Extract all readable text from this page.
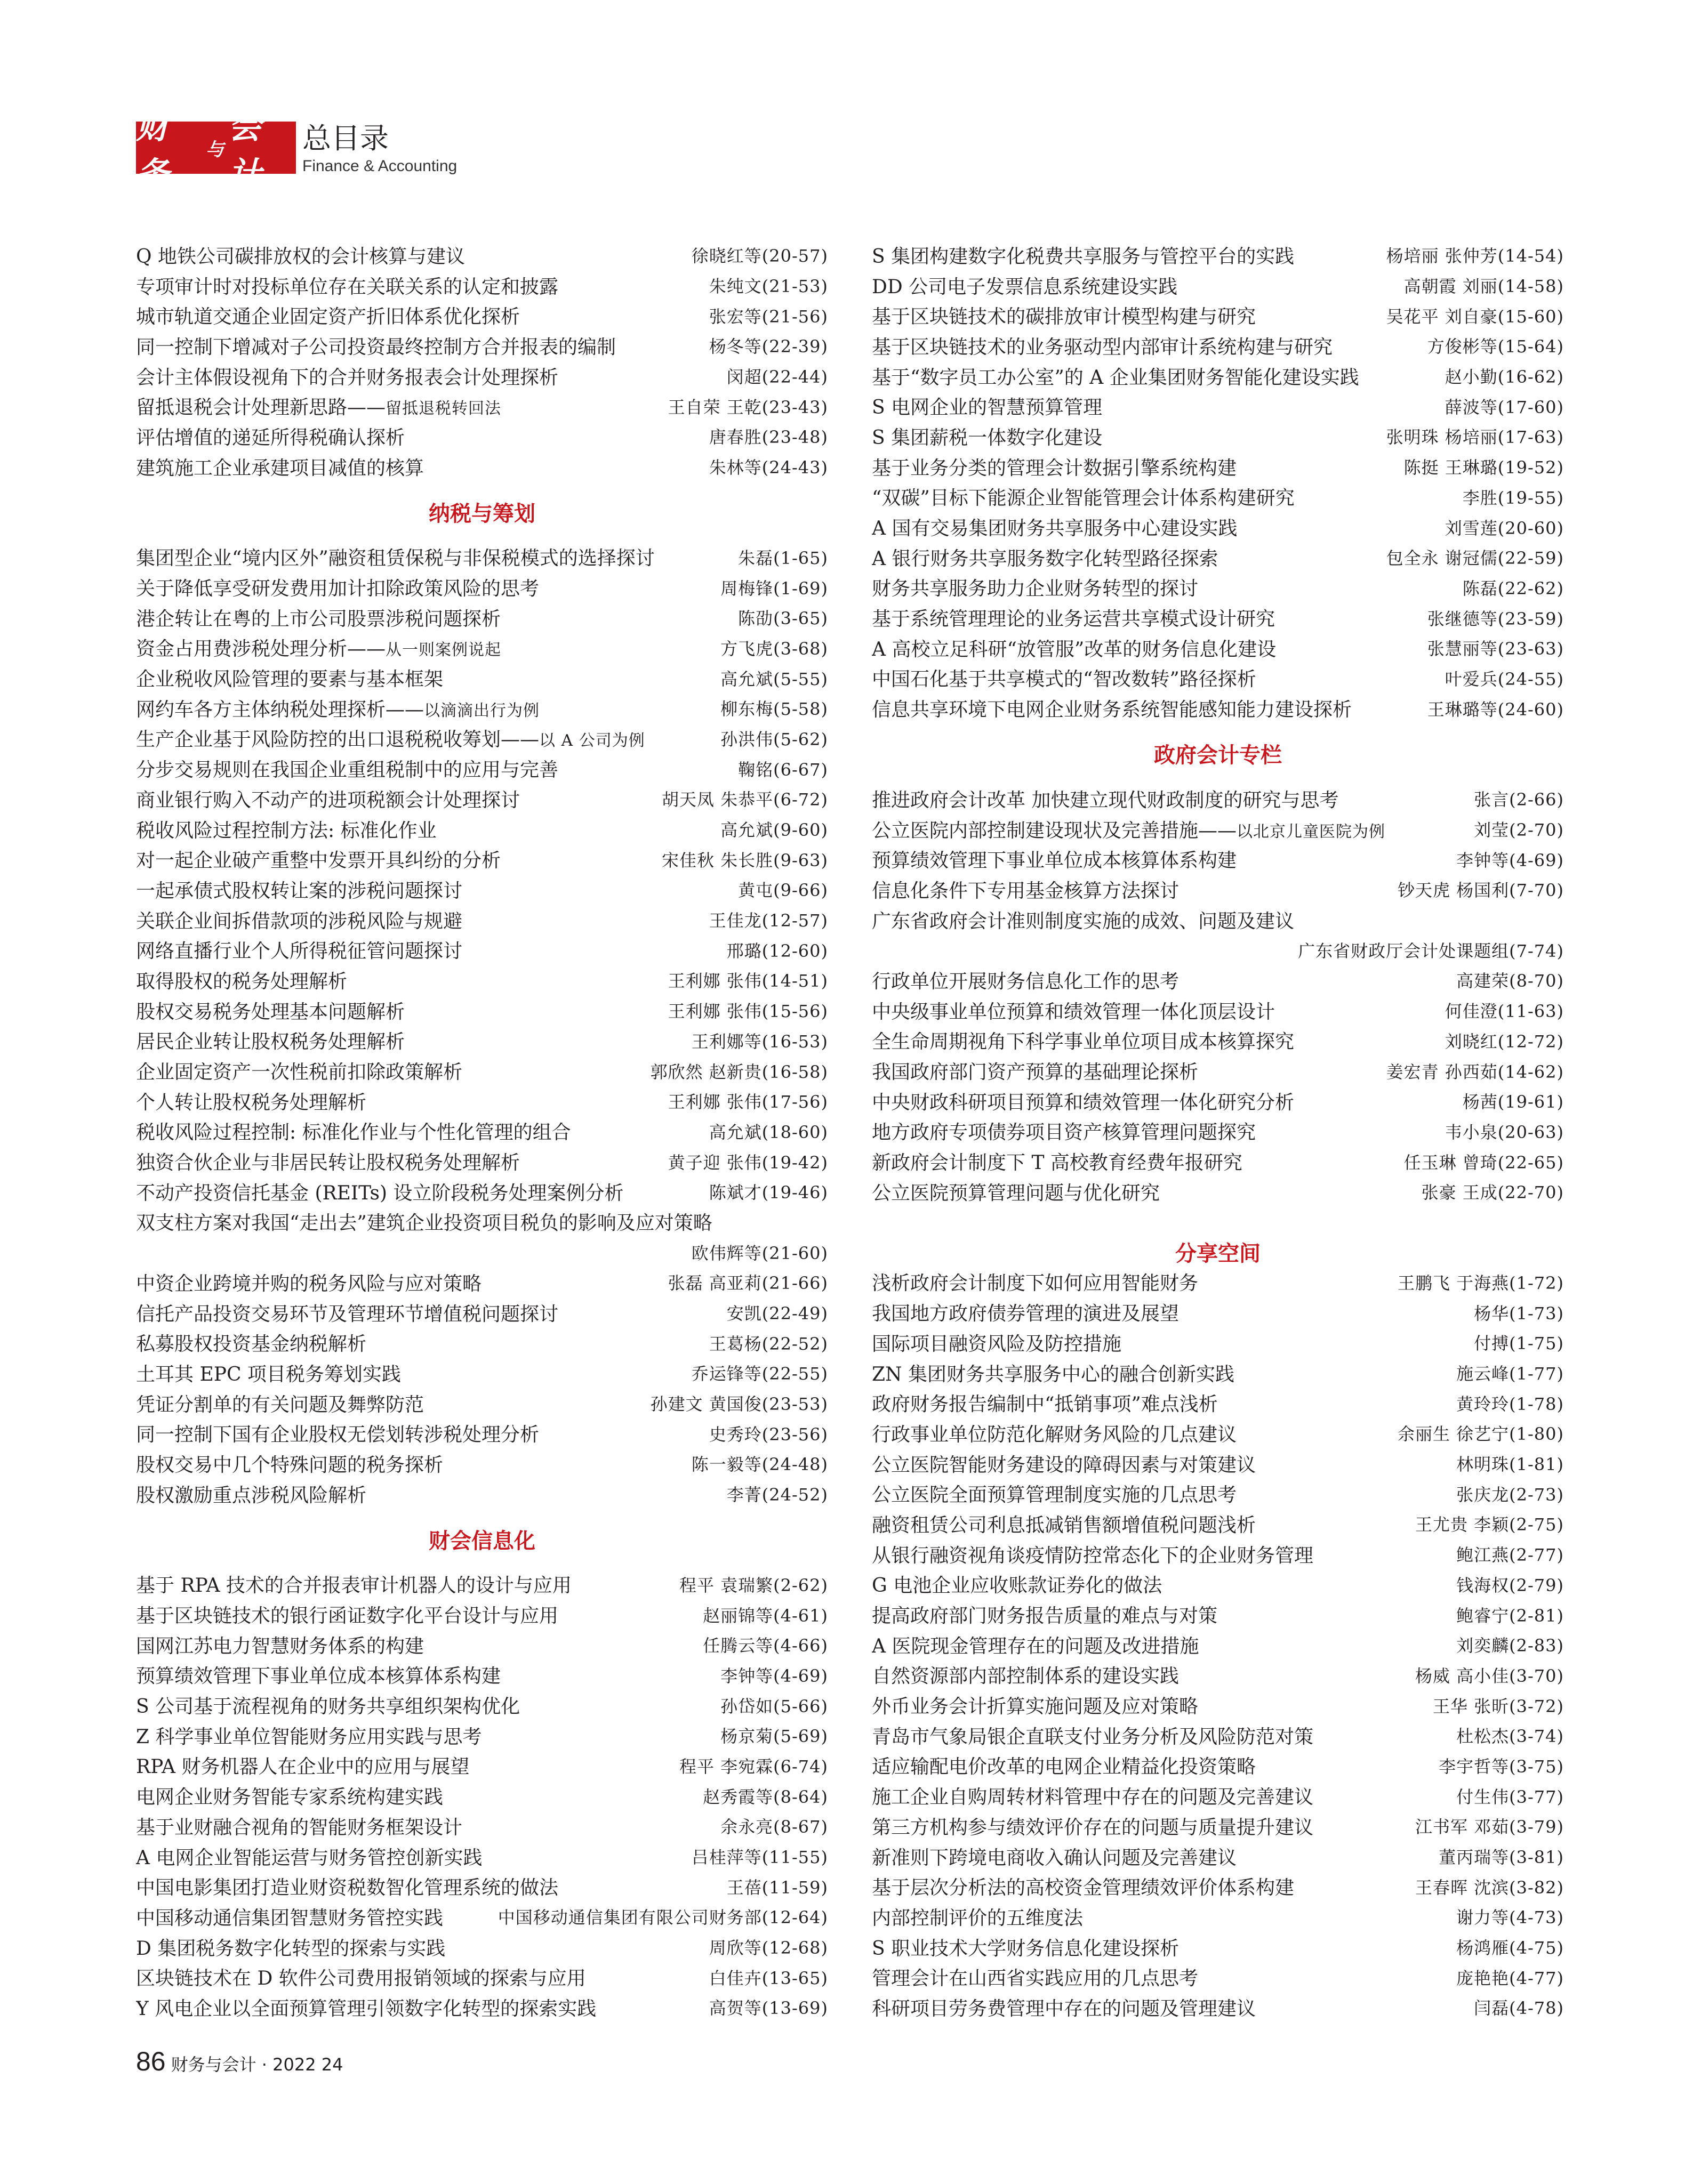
财务
与
会计
总目录
Finance & Accounting
Q 地铁公司碳排放权的会计核算与建议	徐晓红等(20-57)
专项审计时对投标单位存在关联关系的认定和披露	朱纯文(21-53)
城市轨道交通企业固定资产折旧体系优化探析	张宏等(21-56)
同一控制下增减对子公司投资最终控制方合并报表的编制	杨冬等(22-39)
会计主体假设视角下的合并财务报表会计处理探析	闵超(22-44)
留抵退税会计处理新思路——留抵退税转回法	王自荣 王乾(23-43)
评估增值的递延所得税确认探析	唐春胜(23-48)
建筑施工企业承建项目减值的核算	朱林等(24-43)
纳税与筹划
集团型企业“境内区外”融资租赁保税与非保税模式的选择探讨	朱磊(1-65)
关于降低享受研发费用加计扣除政策风险的思考	周梅锋(1-69)
港企转让在粤的上市公司股票涉税问题探析	陈劭(3-65)
资金占用费涉税处理分析——从一则案例说起	方飞虎(3-68)
企业税收风险管理的要素与基本框架	高允斌(5-55)
网约车各方主体纳税处理探析——以滴滴出行为例	柳东梅(5-58)
生产企业基于风险防控的出口退税税收筹划——以 A 公司为例	孙洪伟(5-62)
分步交易规则在我国企业重组税制中的应用与完善	鞠铭(6-67)
商业银行购入不动产的进项税额会计处理探讨	胡天凤 朱恭平(6-72)
税收风险过程控制方法: 标准化作业	高允斌(9-60)
对一起企业破产重整中发票开具纠纷的分析	宋佳秋 朱长胜(9-63)
一起承债式股权转让案的涉税问题探讨	黄屯(9-66)
关联企业间拆借款项的涉税风险与规避	王佳龙(12-57)
网络直播行业个人所得税征管问题探讨	邢璐(12-60)
取得股权的税务处理解析	王利娜 张伟(14-51)
股权交易税务处理基本问题解析	王利娜 张伟(15-56)
居民企业转让股权税务处理解析	王利娜等(16-53)
企业固定资产一次性税前扣除政策解析	郭欣然 赵新贵(16-58)
个人转让股权税务处理解析	王利娜 张伟(17-56)
税收风险过程控制: 标准化作业与个性化管理的组合	高允斌(18-60)
独资合伙企业与非居民转让股权税务处理解析	黄子迎 张伟(19-42)
不动产投资信托基金 (REITs) 设立阶段税务处理案例分析	陈斌才(19-46)
双支柱方案对我国“走出去”建筑企业投资项目税负的影响及应对策略
欧伟辉等(21-60)
中资企业跨境并购的税务风险与应对策略	张磊 高亚莉(21-66)
信托产品投资交易环节及管理环节增值税问题探讨	安凯(22-49)
私募股权投资基金纳税解析	王葛杨(22-52)
土耳其 EPC 项目税务筹划实践	乔运锋等(22-55)
凭证分割单的有关问题及舞弊防范	孙建文 黄国俊(23-53)
同一控制下国有企业股权无偿划转涉税处理分析	史秀玲(23-56)
股权交易中几个特殊问题的税务探析	陈一毅等(24-48)
股权激励重点涉税风险解析	李菁(24-52)
财会信息化
基于 RPA 技术的合并报表审计机器人的设计与应用	程平 袁瑞繁(2-62)
基于区块链技术的银行函证数字化平台设计与应用	赵丽锦等(4-61)
国网江苏电力智慧财务体系的构建	任腾云等(4-66)
预算绩效管理下事业单位成本核算体系构建	李钟等(4-69)
S 公司基于流程视角的财务共享组织架构优化	孙岱如(5-66)
Z 科学事业单位智能财务应用实践与思考	杨京菊(5-69)
RPA 财务机器人在企业中的应用与展望	程平 李宛霖(6-74)
电网企业财务智能专家系统构建实践	赵秀霞等(8-64)
基于业财融合视角的智能财务框架设计	余永亮(8-67)
A 电网企业智能运营与财务管控创新实践	吕桂萍等(11-55)
中国电影集团打造业财资税数智化管理系统的做法	王蓓(11-59)
中国移动通信集团智慧财务管控实践	中国移动通信集团有限公司财务部(12-64)
D 集团税务数字化转型的探索与实践	周欣等(12-68)
区块链技术在 D 软件公司费用报销领域的探索与应用	白佳卉(13-65)
Y 风电企业以全面预算管理引领数字化转型的探索实践	高贺等(13-69)
S 集团构建数字化税费共享服务与管控平台的实践	杨培丽 张仲芳(14-54)
DD 公司电子发票信息系统建设实践	高朝霞 刘丽(14-58)
基于区块链技术的碳排放审计模型构建与研究	吴花平 刘自豪(15-60)
基于区块链技术的业务驱动型内部审计系统构建与研究	方俊彬等(15-64)
基于“数字员工办公室”的 A 企业集团财务智能化建设实践	赵小勤(16-62)
S 电网企业的智慧预算管理	薛波等(17-60)
S 集团薪税一体数字化建设	张明珠 杨培丽(17-63)
基于业务分类的管理会计数据引擎系统构建	陈挺 王琳璐(19-52)
“双碳”目标下能源企业智能管理会计体系构建研究	李胜(19-55)
A 国有交易集团财务共享服务中心建设实践	刘雪莲(20-60)
A 银行财务共享服务数字化转型路径探索	包全永 谢冠儒(22-59)
财务共享服务助力企业财务转型的探讨	陈磊(22-62)
基于系统管理理论的业务运营共享模式设计研究	张继德等(23-59)
A 高校立足科研“放管服”改革的财务信息化建设	张慧丽等(23-63)
中国石化基于共享模式的“智改数转”路径探析	叶爱兵(24-55)
信息共享环境下电网企业财务系统智能感知能力建设探析	王琳璐等(24-60)
政府会计专栏
推进政府会计改革 加快建立现代财政制度的研究与思考	张言(2-66)
公立医院内部控制建设现状及完善措施——以北京儿童医院为例	刘莹(2-70)
预算绩效管理下事业单位成本核算体系构建	李钟等(4-69)
信息化条件下专用基金核算方法探讨	钞天虎 杨国利(7-70)
广东省政府会计准则制度实施的成效、问题及建议
广东省财政厅会计处课题组(7-74)
行政单位开展财务信息化工作的思考	高建荣(8-70)
中央级事业单位预算和绩效管理一体化顶层设计	何佳澄(11-63)
全生命周期视角下科学事业单位项目成本核算探究	刘晓红(12-72)
我国政府部门资产预算的基础理论探析	姜宏青 孙西茹(14-62)
中央财政科研项目预算和绩效管理一体化研究分析	杨茜(19-61)
地方政府专项债券项目资产核算管理问题探究	韦小泉(20-63)
新政府会计制度下 T 高校教育经费年报研究	任玉琳 曾琦(22-65)
公立医院预算管理问题与优化研究	张豪 王成(22-70)
分享空间
浅析政府会计制度下如何应用智能财务	王鹏飞 于海燕(1-72)
我国地方政府债券管理的演进及展望	杨华(1-73)
国际项目融资风险及防控措施	付搏(1-75)
ZN 集团财务共享服务中心的融合创新实践	施云峰(1-77)
政府财务报告编制中“抵销事项”难点浅析	黄玲玲(1-78)
行政事业单位防范化解财务风险的几点建议	余丽生 徐艺宁(1-80)
公立医院智能财务建设的障碍因素与对策建议	林明珠(1-81)
公立医院全面预算管理制度实施的几点思考	张庆龙(2-73)
融资租赁公司利息抵减销售额增值税问题浅析	王尤贵 李颖(2-75)
从银行融资视角谈疫情防控常态化下的企业财务管理	鲍江燕(2-77)
G 电池企业应收账款证券化的做法	钱海权(2-79)
提高政府部门财务报告质量的难点与对策	鲍睿宁(2-81)
A 医院现金管理存在的问题及改进措施	刘奕麟(2-83)
自然资源部内部控制体系的建设实践	杨威 高小佳(3-70)
外币业务会计折算实施问题及应对策略	王华 张昕(3-72)
青岛市气象局银企直联支付业务分析及风险防范对策	杜松杰(3-74)
适应输配电价改革的电网企业精益化投资策略	李宇哲等(3-75)
施工企业自购周转材料管理中存在的问题及完善建议	付生伟(3-77)
第三方机构参与绩效评价存在的问题与质量提升建议	江书军 邓茹(3-79)
新准则下跨境电商收入确认问题及完善建议	董丙瑞等(3-81)
基于层次分析法的高校资金管理绩效评价体系构建	王春晖 沈滨(3-82)
内部控制评价的五维度法	谢力等(4-73)
S 职业技术大学财务信息化建设探析	杨鸿雁(4-75)
管理会计在山西省实践应用的几点思考	庞艳艳(4-77)
科研项目劳务费管理中存在的问题及管理建议	闫磊(4-78)
86 财务与会计 · 2022 24
